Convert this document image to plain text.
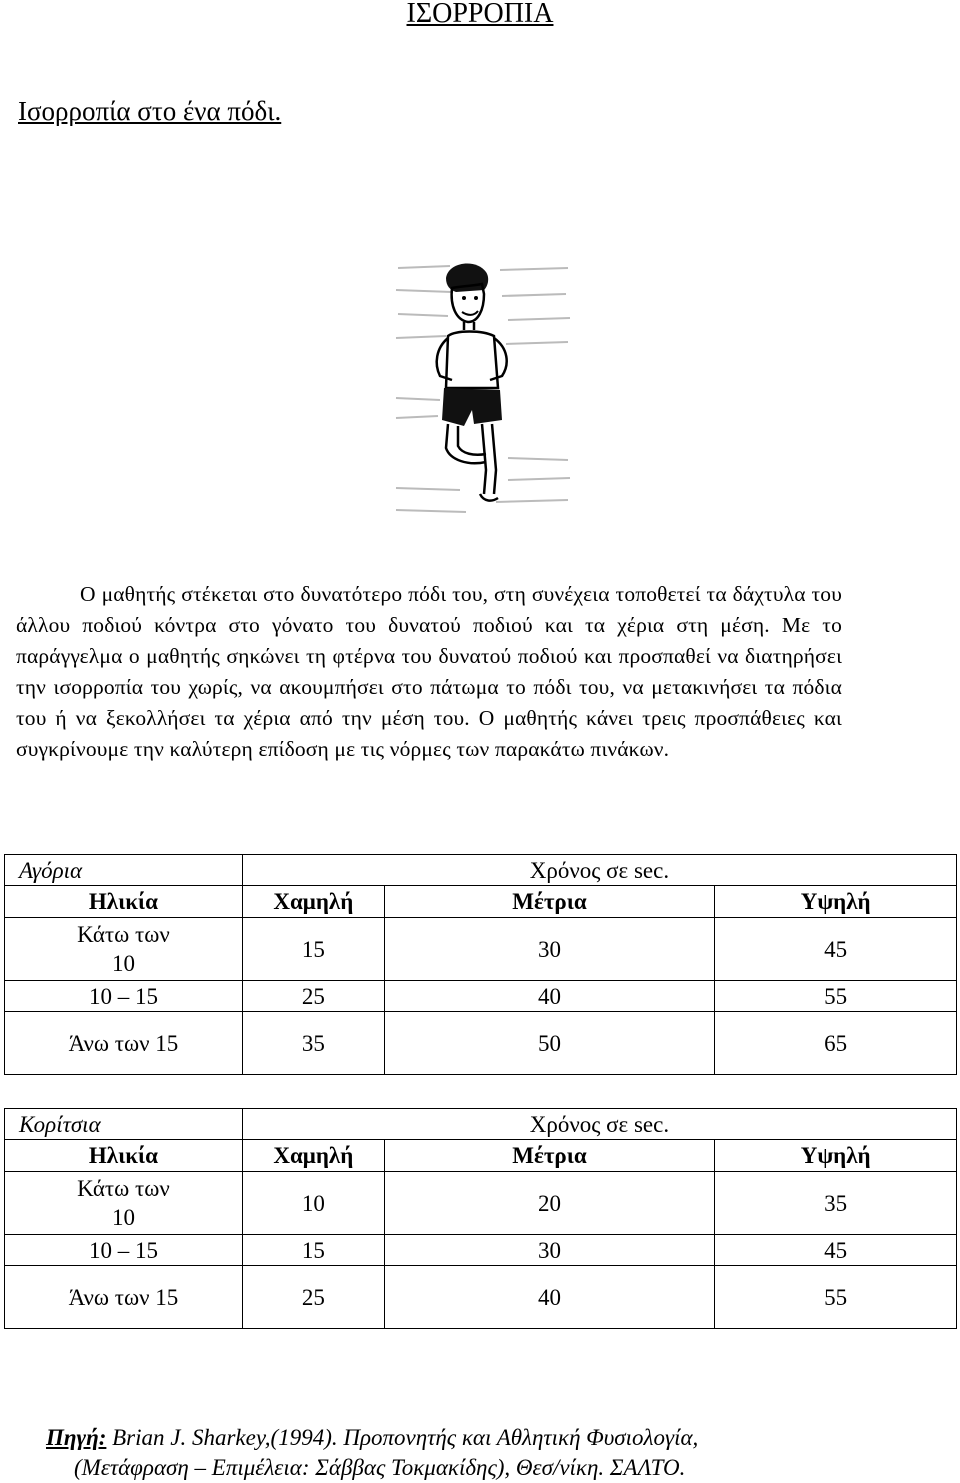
ΙΣΟΡΡΟΠΙΑ
Ισορροπία στο ένα πόδι.

Ο μαθητής στέκεται στο δυνατότερο πόδι του, στη συνέχεια τοποθετεί τα δάχτυλα του άλλου ποδιού κόντρα στο γόνατο του δυνατού ποδιού και τα χέρια στη μέση. Με το παράγγελμα ο μαθητής σηκώνει τη φτέρνα του δυνατού ποδιού και προσπαθεί να διατηρήσει την ισορροπία του χωρίς, να ακουμπήσει στο πάτωμα το πόδι του, να μετακινήσει τα πόδια του ή να ξεκολλήσει τα χέρια από την μέση του. Ο μαθητής κάνει τρεις προσπάθειες και συγκρίνουμε την καλύτερη επίδοση με τις νόρμες των παρακάτω πινάκων.

Αγόρια	Χρόνος σε sec.		
Ηλικία	Χαμηλή	Μέτρια	Υψηλή
Κάτω των 10	15	30	45
10 – 15	25	40	55
Άνω των 15	35	50	65
Κορίτσια	Χρόνος σε sec.		
Ηλικία	Χαμηλή	Μέτρια	Υψηλή
Κάτω των 10	10	20	35
10 – 15	15	30	45
Άνω των 15	25	40	55
Πηγή: Brian J. Sharkey,(1994). Προπονητής και Αθλητική Φυσιολογία,
(Μετάφραση – Επιμέλεια: Σάββας Τοκμακίδης), Θεσ/νίκη. ΣΑΛΤΟ.
